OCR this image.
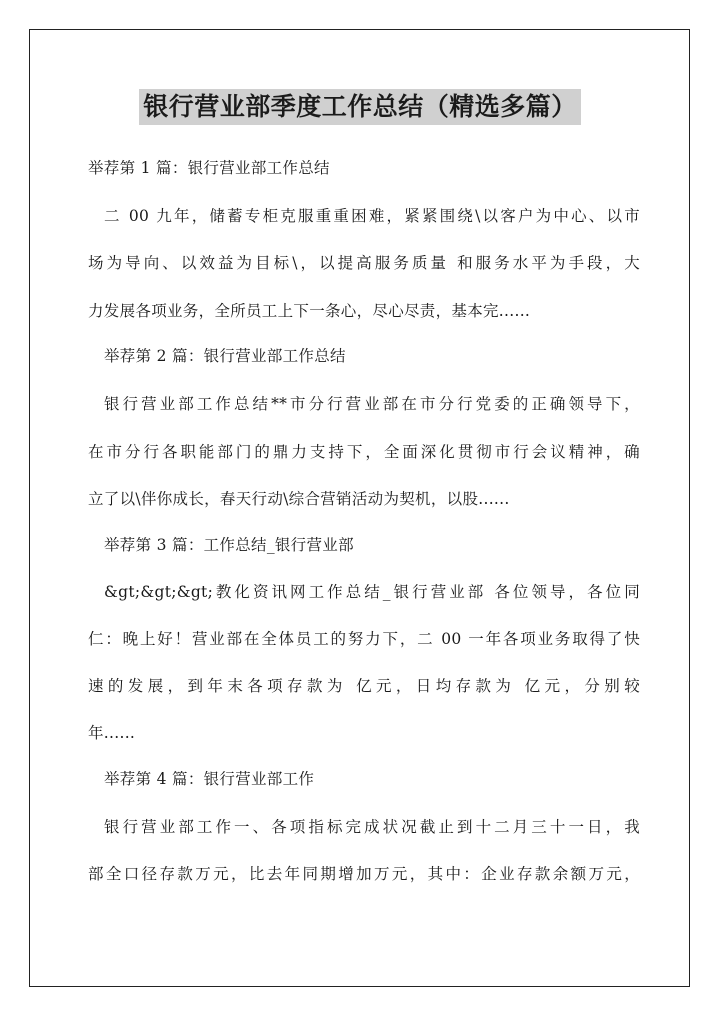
银行营业部季度工作总结（精选多篇）
举荐第 1 篇：银行营业部工作总结
二 00 九年，储蓄专柜克服重重困难，紧紧围绕\以客户为中心、以市
场为导向、以效益为目标\，以提高服务质量 和服务水平为手段，大
力发展各项业务，全所员工上下一条心，尽心尽责，基本完......
举荐第 2 篇：银行营业部工作总结
银行营业部工作总结**市分行营业部在市分行党委的正确领导下，
在市分行各职能部门的鼎力支持下，全面深化贯彻市行会议精神，确
立了以\伴你成长，春天行动\综合营销活动为契机，以股......
举荐第 3 篇：工作总结_银行营业部
&gt;&gt;&gt;教化资讯网工作总结_银行营业部 各位领导，各位同
仁：晚上好！营业部在全体员工的努力下，二 00 一年各项业务取得了快
速的发展，到年末各项存款为 亿元，日均存款为 亿元，分别较
年......
举荐第 4 篇：银行营业部工作
银行营业部工作一、各项指标完成状况截止到十二月三十一日，我
部全口径存款万元，比去年同期增加万元，其中：企业存款余额万元，
